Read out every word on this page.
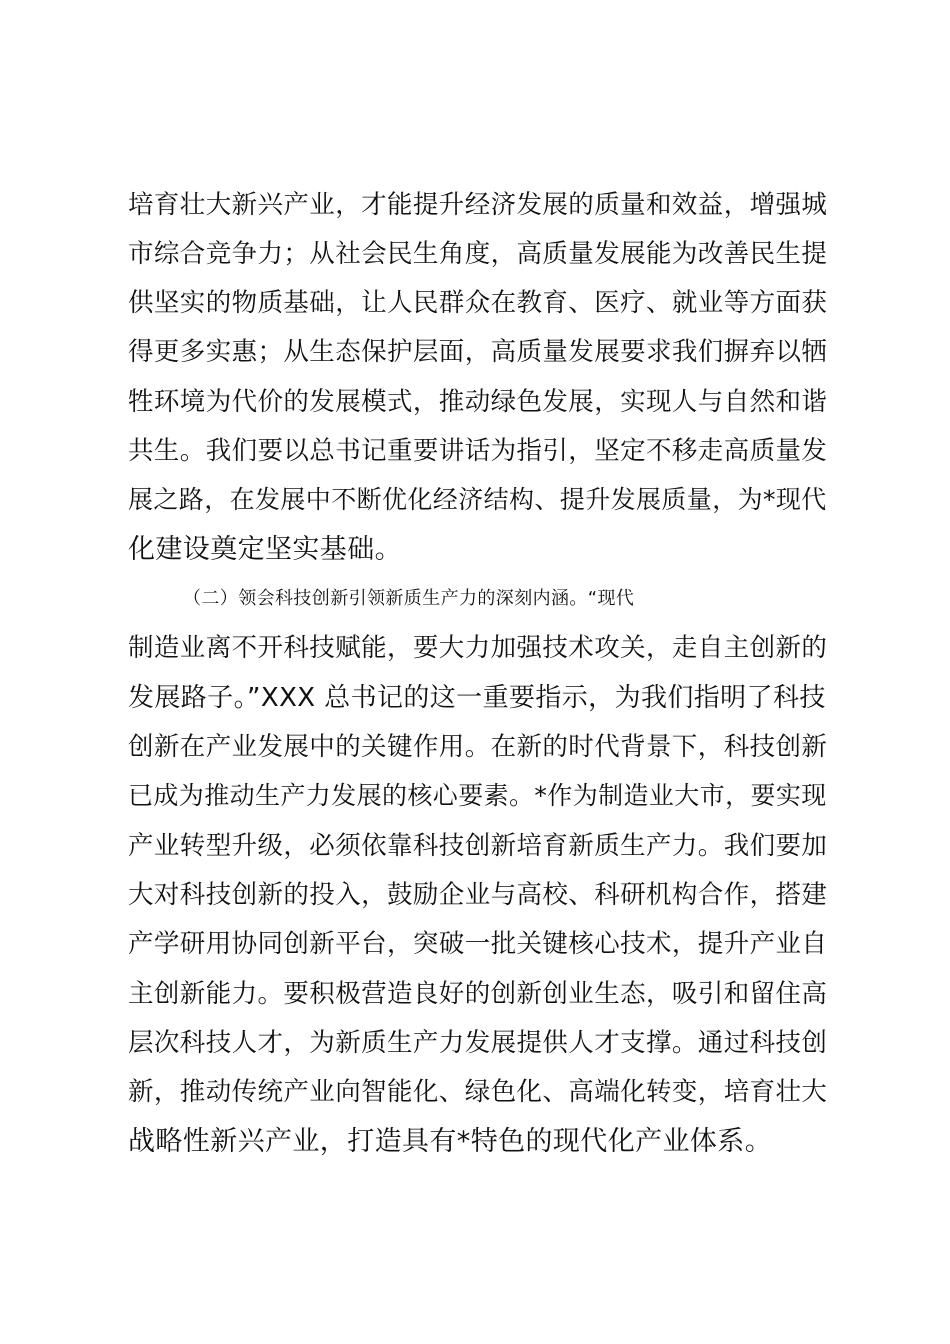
培育壮大新兴产业，才能提升经济发展的质量和效益，增强城
市综合竞争力；从社会民生角度，高质量发展能为改善民生提
供坚实的物质基础，让人民群众在教育、医疗、就业等方面获
得更多实惠；从生态保护层面，高质量发展要求我们摒弃以牺
牲环境为代价的发展模式，推动绿色发展，实现人与自然和谐
共生。我们要以总书记重要讲话为指引，坚定不移走高质量发
展之路，在发展中不断优化经济结构、提升发展质量，为*现代
化建设奠定坚实基础。
（二）领会科技创新引领新质生产力的深刻内涵。“现代
制造业离不开科技赋能，要大力加强技术攻关，走自主创新的
发展路子。”XXX 总书记的这一重要指示，为我们指明了科技
创新在产业发展中的关键作用。在新的时代背景下，科技创新
已成为推动生产力发展的核心要素。*作为制造业大市，要实现
产业转型升级，必须依靠科技创新培育新质生产力。我们要加
大对科技创新的投入，鼓励企业与高校、科研机构合作，搭建
产学研用协同创新平台，突破一批关键核心技术，提升产业自
主创新能力。要积极营造良好的创新创业生态，吸引和留住高
层次科技人才，为新质生产力发展提供人才支撑。通过科技创
新，推动传统产业向智能化、绿色化、高端化转变，培育壮大
战略性新兴产业，打造具有*特色的现代化产业体系。
